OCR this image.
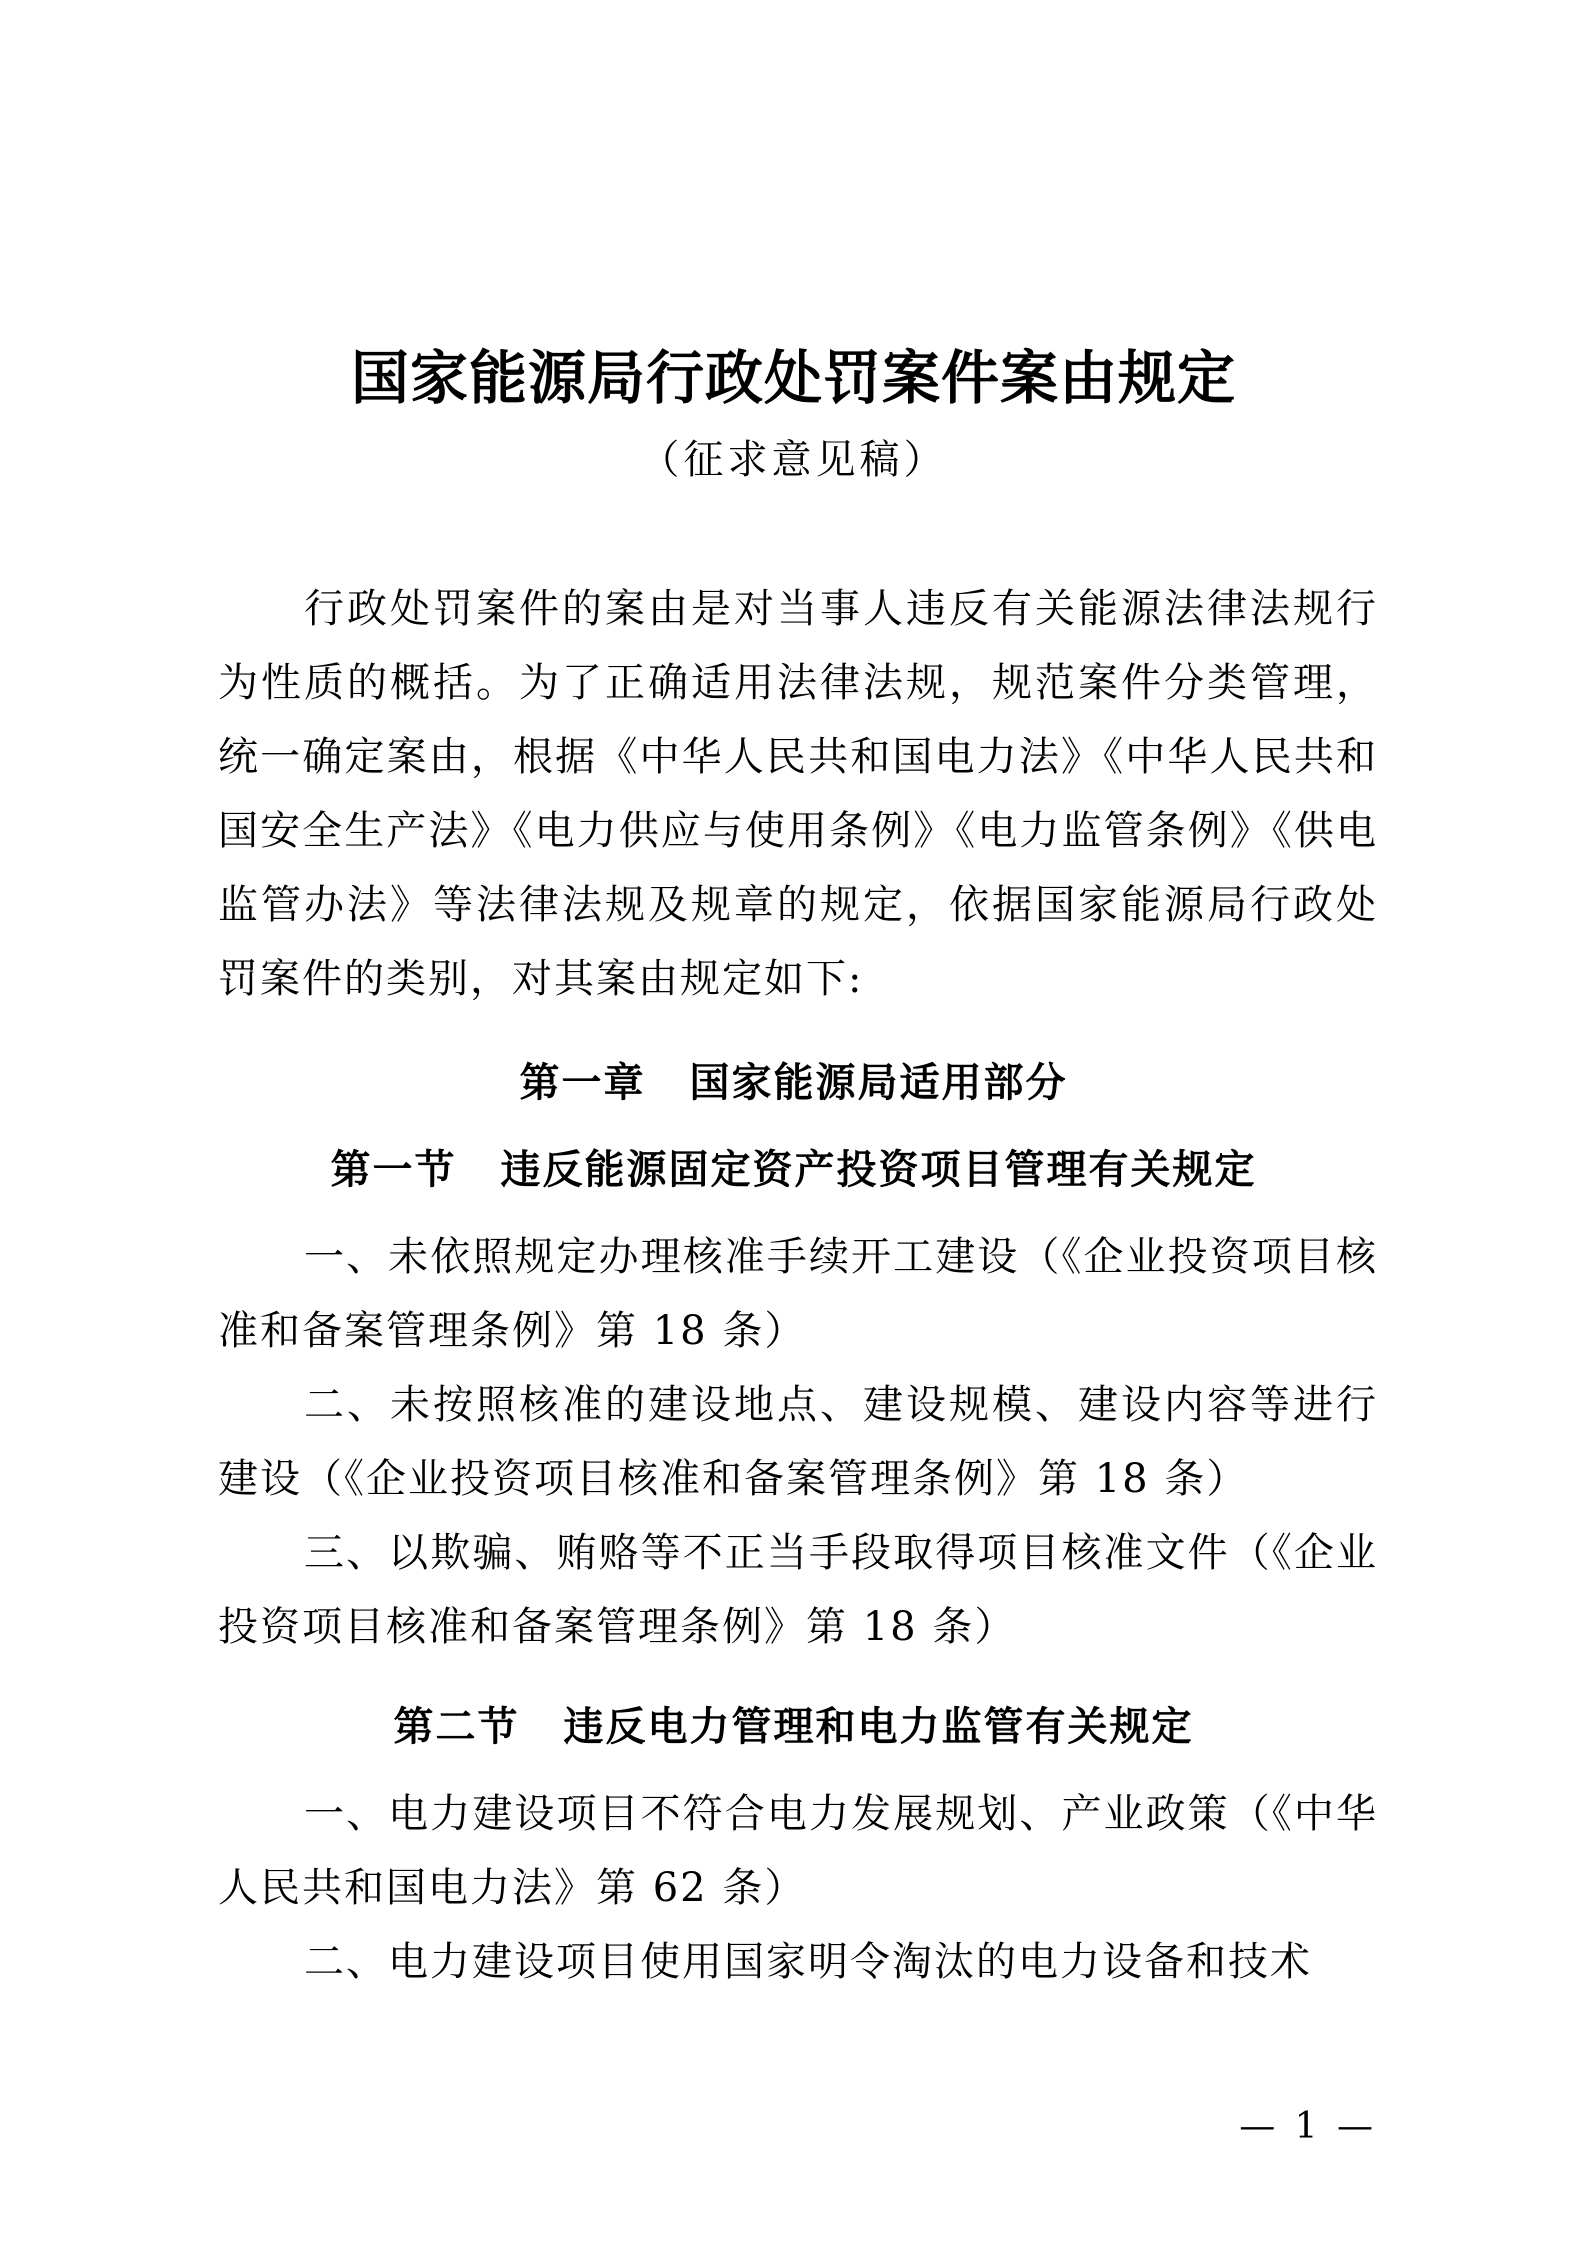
国家能源局行政处罚案件案由规定

（征求意见稿）

行政处罚案件的案由是对当事人违反有关能源法律法规行为性质的概括。为了正确适用法律法规，规范案件分类管理，统一确定案由，根据《中华人民共和国电力法》《中华人民共和国安全生产法》《电力供应与使用条例》《电力监管条例》《供电监管办法》等法律法规及规章的规定，依据国家能源局行政处罚案件的类别，对其案由规定如下:

第一章 国家能源局适用部分

第一节 违反能源固定资产投资项目管理有关规定

一、未依照规定办理核准手续开工建设（《企业投资项目核准和备案管理条例》第 18 条）

二、未按照核准的建设地点、建设规模、建设内容等进行建设（《企业投资项目核准和备案管理条例》第 18 条）

三、以欺骗、贿赂等不正当手段取得项目核准文件（《企业投资项目核准和备案管理条例》第 18 条）

第二节 违反电力管理和电力监管有关规定

一、电力建设项目不符合电力发展规划、产业政策（《中华人民共和国电力法》第 62 条）

二、电力建设项目使用国家明令淘汰的电力设备和技术

— 1 —
